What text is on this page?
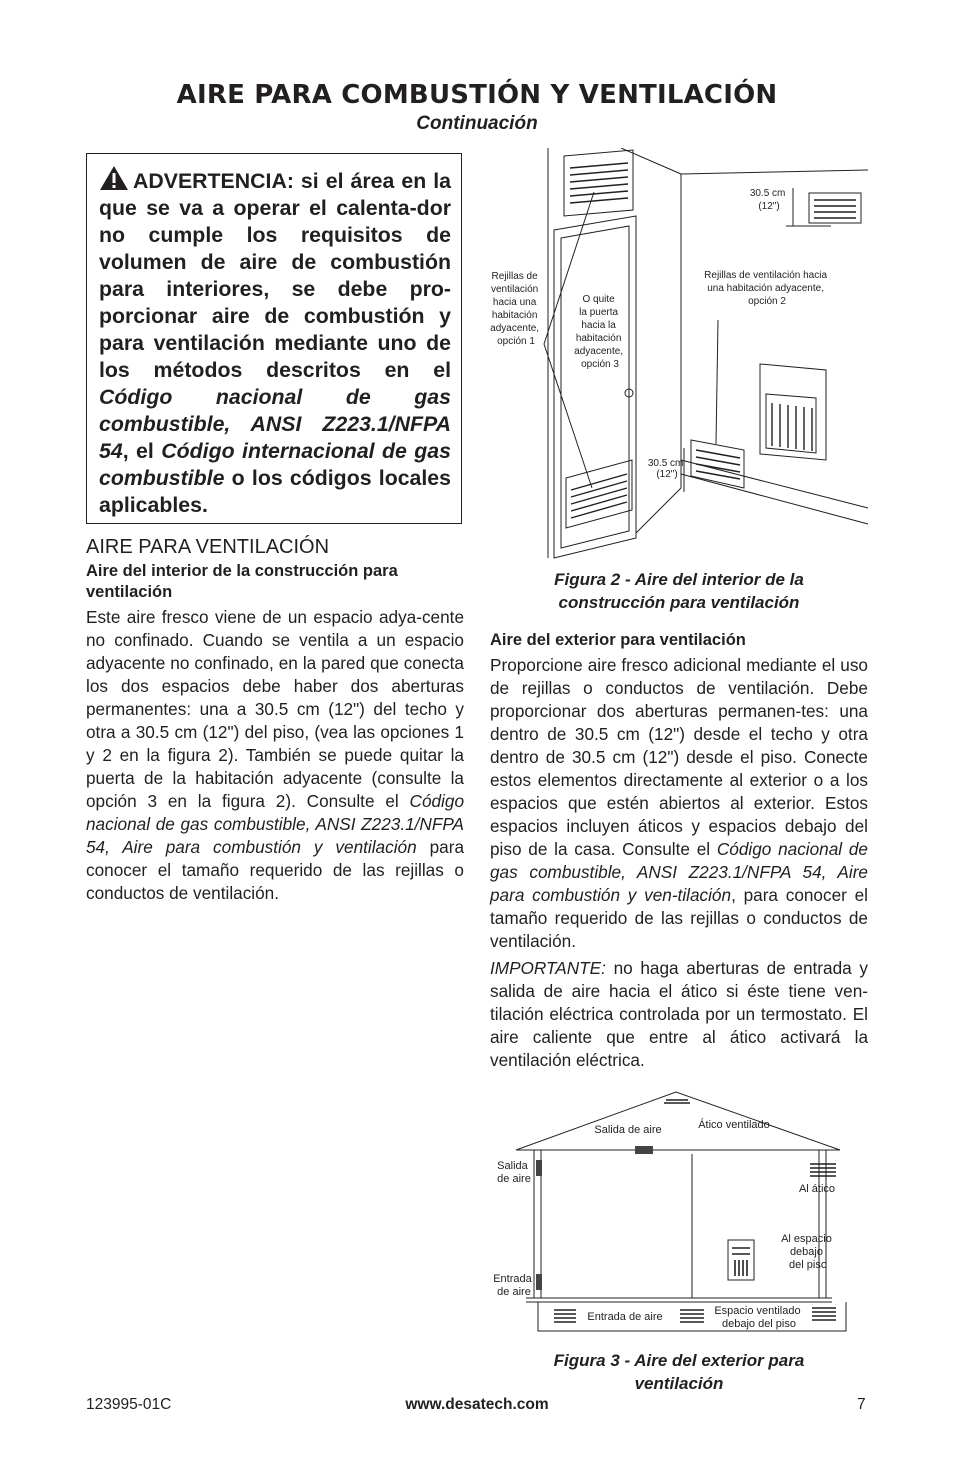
AIRE PARA COMBUSTIÓN Y VENTILACIÓN
Continuación

ADVERTENCIA: si el área en la que se va a operar el calenta-dor no cumple los requisitos de volumen de aire de combustión para interiores, se debe pro-porcionar aire de combustión y para ventilación mediante uno de los métodos descritos en el Código nacional de gas combustible, ANSI Z223.1/NFPA 54, el Código internacional de gas combustible o los códigos locales aplicables.

AIRE PARA VENTILACIÓN
Aire del interior de la construcción para ventilación

Este aire fresco viene de un espacio adya-cente no confinado. Cuando se ventila a un espacio adyacente no confinado, en la pared que conecta los dos espacios debe haber dos aberturas permanentes: una a 30.5 cm (12") del techo y otra a 30.5 cm (12") del piso, (vea las opciones 1 y 2 en la figura 2). También se puede quitar la puerta de la habitación adyacente (consulte la opción 3 en la figura 2). Consulte el Código nacional de gas combustible, ANSI Z223.1/NFPA 54, Aire para combustión y ventilación para conocer el tamaño requerido de las rejillas o conductos de ventilación.

Rejillas de ventilación hacia una habitación adyacente, opción 1
O quite la puerta hacia la habitación adyacente, opción 3
Rejillas de ventilación hacia una habitación adyacente, opción 2
30.5 cm (12")
30.5 cm (12")

Figura 2 - Aire del interior de la construcción para ventilación

Aire del exterior para ventilación

Proporcione aire fresco adicional mediante el uso de rejillas o conductos de ventilación. Debe proporcionar dos aberturas permanen-tes: una dentro de 30.5 cm (12") desde el techo y otra dentro de 30.5 cm (12") desde el piso. Conecte estos elementos directamente al exterior o a los espacios que estén abiertos al exterior. Estos espacios incluyen áticos y espacios debajo del piso de la casa. Consulte el Código nacional de gas combustible, ANSI Z223.1/NFPA 54, Aire para combustión y ven-tilación, para conocer el tamaño requerido de las rejillas o conductos de ventilación.

IMPORTANTE: no haga aberturas de entrada y salida de aire hacia el ático si éste tiene ven-tilación eléctrica controlada por un termostato. El aire caliente que entre al ático activará la ventilación eléctrica.

Salida de aire	Ático ventilado
Salida de aire
Entrada de aire
Al ático
Al espacio debajo del piso
Entrada de aire	Espacio ventilado debajo del piso

Figura 3 - Aire del exterior para ventilación

123995-01C	www.desatech.com	7
